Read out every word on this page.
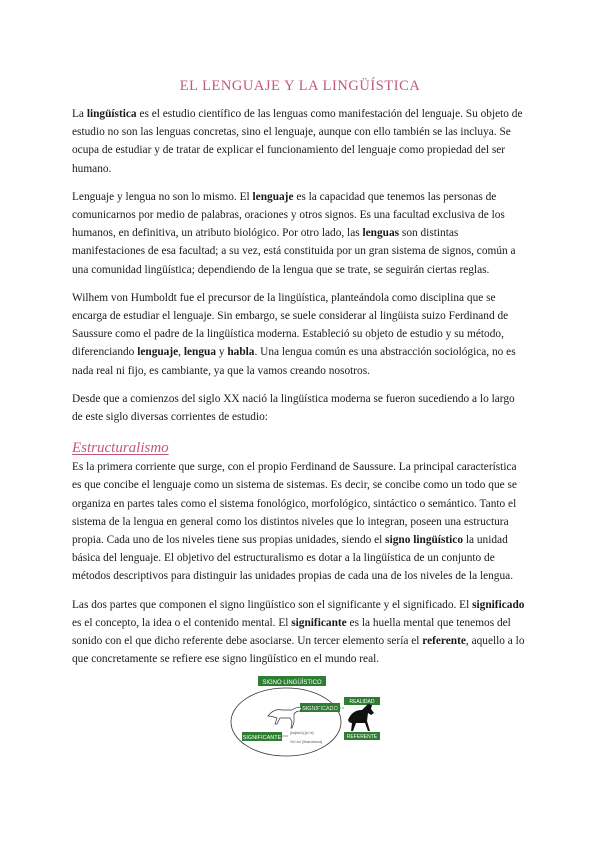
EL LENGUAJE Y LA LINGÜÍSTICA

La lingüística es el estudio científico de las lenguas como manifestación del lenguaje. Su objeto de estudio no son las lenguas concretas, sino el lenguaje, aunque con ello también se las incluya. Se ocupa de estudiar y de tratar de explicar el funcionamiento del lenguaje como propiedad del ser humano.

Lenguaje y lengua no son lo mismo. El lenguaje es la capacidad que tenemos las personas de comunicarnos por medio de palabras, oraciones y otros signos. Es una facultad exclusiva de los humanos, en definitiva, un atributo biológico. Por otro lado, las lenguas son distintas manifestaciones de esa facultad; a su vez, está constituida por un gran sistema de signos, común a una comunidad lingüística; dependiendo de la lengua que se trate, se seguirán ciertas reglas.

Wilhem von Humboldt fue el precursor de la lingüística, planteándola como disciplina que se encarga de estudiar el lenguaje. Sin embargo, se suele considerar al lingüista suizo Ferdinand de Saussure como el padre de la lingüística moderna. Estableció su objeto de estudio y su método, diferenciando lenguaje, lengua y habla. Una lengua común es una abstracción sociológica, no es nada real ni fijo, es cambiante, ya que la vamos creando nosotros.

Desde que a comienzos del siglo XX nació la lingüística moderna se fueron sucediendo a lo largo de este siglo diversas corrientes de estudio:

Estructuralismo

Es la primera corriente que surge, con el propio Ferdinand de Saussure. La principal característica es que concibe el lenguaje como un sistema de sistemas. Es decir, se concibe como un todo que se organiza en partes tales como el sistema fonológico, morfológico, sintáctico o semántico. Tanto el sistema de la lengua en general como los distintos niveles que lo integran, poseen una estructura propia. Cada uno de los niveles tiene sus propias unidades, siendo el signo lingüístico la unidad básica del lenguaje. El objetivo del estructuralismo es dotar a la lingüística de un conjunto de métodos descriptivos para distinguir las unidades propias de cada una de los niveles de la lengua.

Las dos partes que componen el signo lingüístico son el significante y el significado. El significado es el concepto, la idea o el contenido mental. El significante es la huella mental que tenemos del sonido con el que dicho referente debe asociarse. Un tercer elemento sería el referente, aquello a lo que concretamente se refiere ese signo lingüístico en el mundo real.

SIGNO LINGÜÍSTICO
SIGNIFICADO
SIGNIFICANTE
[kaβaʎo] [piˈrɛ]
/Xu’ʎo/ [Xbarcelona]
REALIDAD
REFERENTE
